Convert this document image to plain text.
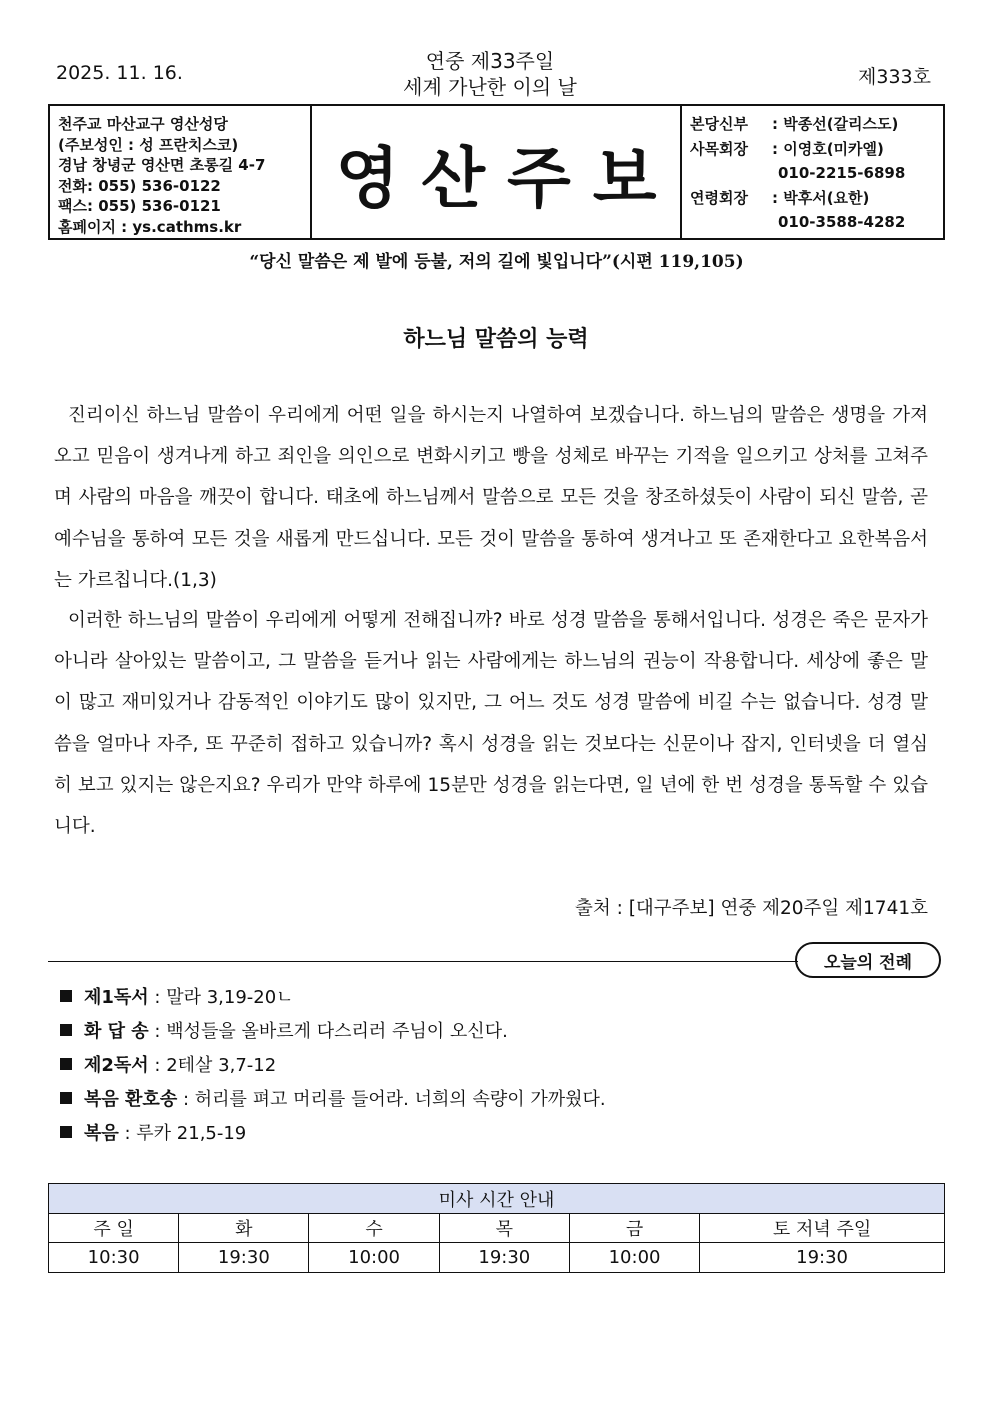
2025. 11. 16.	연중 제33주일
세계 가난한 이의 날	제333호
천주교 마산교구 영산성당
(주보성인 : 성 프란치스코)
경남 창녕군 영산면 초롱길 4-7
전화: 055) 536-0122
팩스: 055) 536-0121
홈페이지 : ys.cathms.kr
영산주보
본당신부 : 박종선(갈리스도)
사목회장 : 이영호(미카엘)
010-2215-6898
연령회장 : 박후서(요한)
010-3588-4282
“당신 말씀은 제 발에 등불, 저의 길에 빛입니다”(시편 119,105)
하느님 말씀의 능력
진리이신 하느님 말씀이 우리에게 어떤 일을 하시는지 나열하여 보겠습니다. 하느님의 말씀은 생명을 가져오고 믿음이 생겨나게 하고 죄인을 의인으로 변화시키고 빵을 성체로 바꾸는 기적을 일으키고 상처를 고쳐주며 사람의 마음을 깨끗이 합니다. 태초에 하느님께서 말씀으로 모든 것을 창조하셨듯이 사람이 되신 말씀, 곧 예수님을 통하여 모든 것을 새롭게 만드십니다. 모든 것이 말씀을 통하여 생겨나고 또 존재한다고 요한복음서는 가르칩니다.(1,3)
이러한 하느님의 말씀이 우리에게 어떻게 전해집니까? 바로 성경 말씀을 통해서입니다. 성경은 죽은 문자가 아니라 살아있는 말씀이고, 그 말씀을 듣거나 읽는 사람에게는 하느님의 권능이 작용합니다. 세상에 좋은 말이 많고 재미있거나 감동적인 이야기도 많이 있지만, 그 어느 것도 성경 말씀에 비길 수는 없습니다. 성경 말씀을 얼마나 자주, 또 꾸준히 접하고 있습니까? 혹시 성경을 읽는 것보다는 신문이나 잡지, 인터넷을 더 열심히 보고 있지는 않은지요? 우리가 만약 하루에 15분만 성경을 읽는다면, 일 년에 한 번 성경을 통독할 수 있습니다.
출처 : [대구주보] 연중 제20주일 제1741호
오늘의 전례
제1독서 : 말라 3,19-20ㄴ
화 답 송 : 백성들을 올바르게 다스리러 주님이 오신다.
제2독서 : 2테살 3,7-12
복음 환호송 : 허리를 펴고 머리를 들어라. 너희의 속량이 가까웠다.
복음 : 루카 21,5-19
미사 시간 안내					
주 일	화	수	목	금	토 저녁 주일
10:30	19:30	10:00	19:30	10:00	19:30
